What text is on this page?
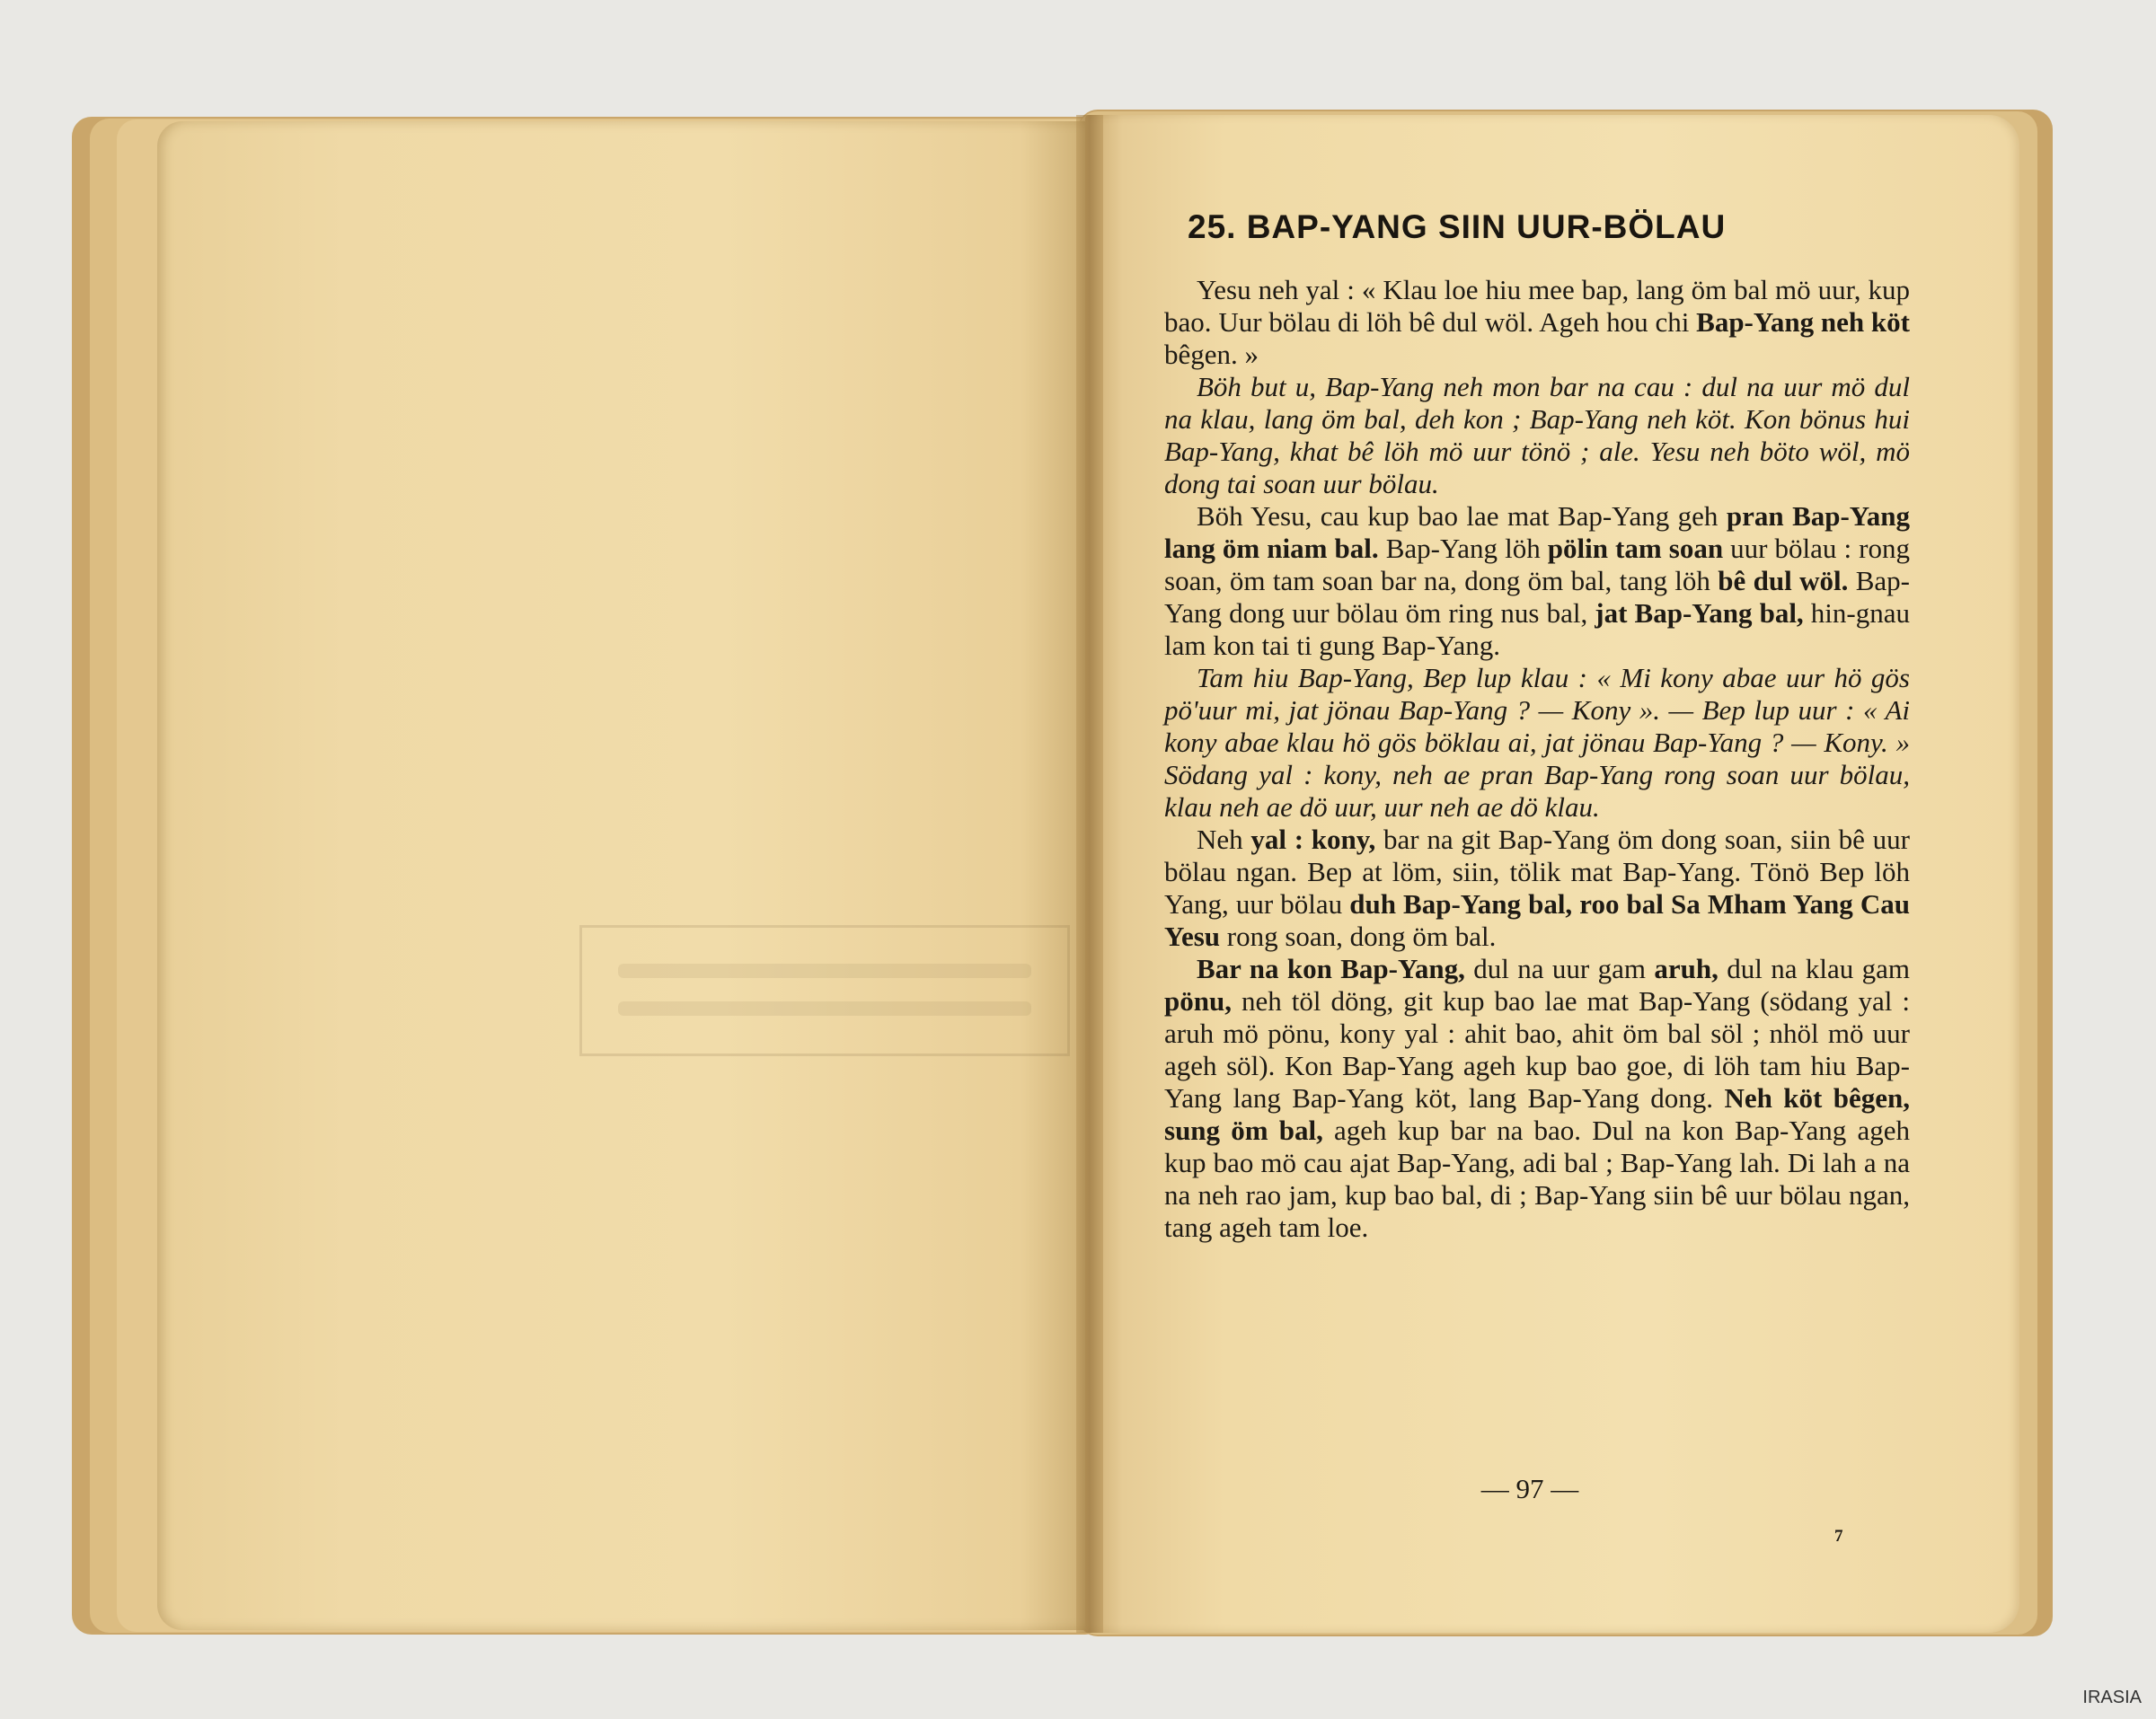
25. BAP-YANG SIIN UUR-BÖLAU

Yesu neh yal : « Klau loe hiu mee bap, lang öm bal mö uur, kup bao. Uur bölau di löh bê dul wöl. Ageh hou chi Bap-Yang neh köt bêgen. »

Böh but u, Bap-Yang neh mon bar na cau : dul na uur mö dul na klau, lang öm bal, deh kon ; Bap-Yang neh köt. Kon bönus hui Bap-Yang, khat bê löh mö uur tönö ; ale. Yesu neh böto wöl, mö dong tai soan uur bölau.

Böh Yesu, cau kup bao lae mat Bap-Yang geh pran Bap-Yang lang öm niam bal. Bap-Yang löh pölin tam soan uur bölau : rong soan, öm tam soan bar na, dong öm bal, tang löh bê dul wöl. Bap-Yang dong uur bölau öm ring nus bal, jat Bap-Yang bal, hin-gnau lam kon tai ti gung Bap-Yang.

Tam hiu Bap-Yang, Bep lup klau : « Mi kony abae uur hö gös pö'uur mi, jat jönau Bap-Yang ? — Kony ». — Bep lup uur : « Ai kony abae klau hö gös böklau ai, jat jönau Bap-Yang ? — Kony. » Södang yal : kony, neh ae pran Bap-Yang rong soan uur bölau, klau neh ae dö uur, uur neh ae dö klau.

Neh yal : kony, bar na git Bap-Yang öm dong soan, siin bê uur bölau ngan. Bep at löm, siin, tölik mat Bap-Yang. Tönö Bep löh Yang, uur bölau duh Bap-Yang bal, roo bal Sa Mham Yang Cau Yesu rong soan, dong öm bal.

Bar na kon Bap-Yang, dul na uur gam aruh, dul na klau gam pönu, neh töl döng, git kup bao lae mat Bap-Yang (södang yal : aruh mö pönu, kony yal : ahit bao, ahit öm bal söl ; nhöl mö uur ageh söl). Kon Bap-Yang ageh kup bao goe, di löh tam hiu Bap-Yang lang Bap-Yang köt, lang Bap-Yang dong. Neh köt bêgen, sung öm bal, ageh kup bar na bao. Dul na kon Bap-Yang ageh kup bao mö cau ajat Bap-Yang, adi bal ; Bap-Yang lah. Di lah a na na neh rao jam, kup bao bal, di ; Bap-Yang siin bê uur bölau ngan, tang ageh tam loe.

— 97 —
7
IRASIA
